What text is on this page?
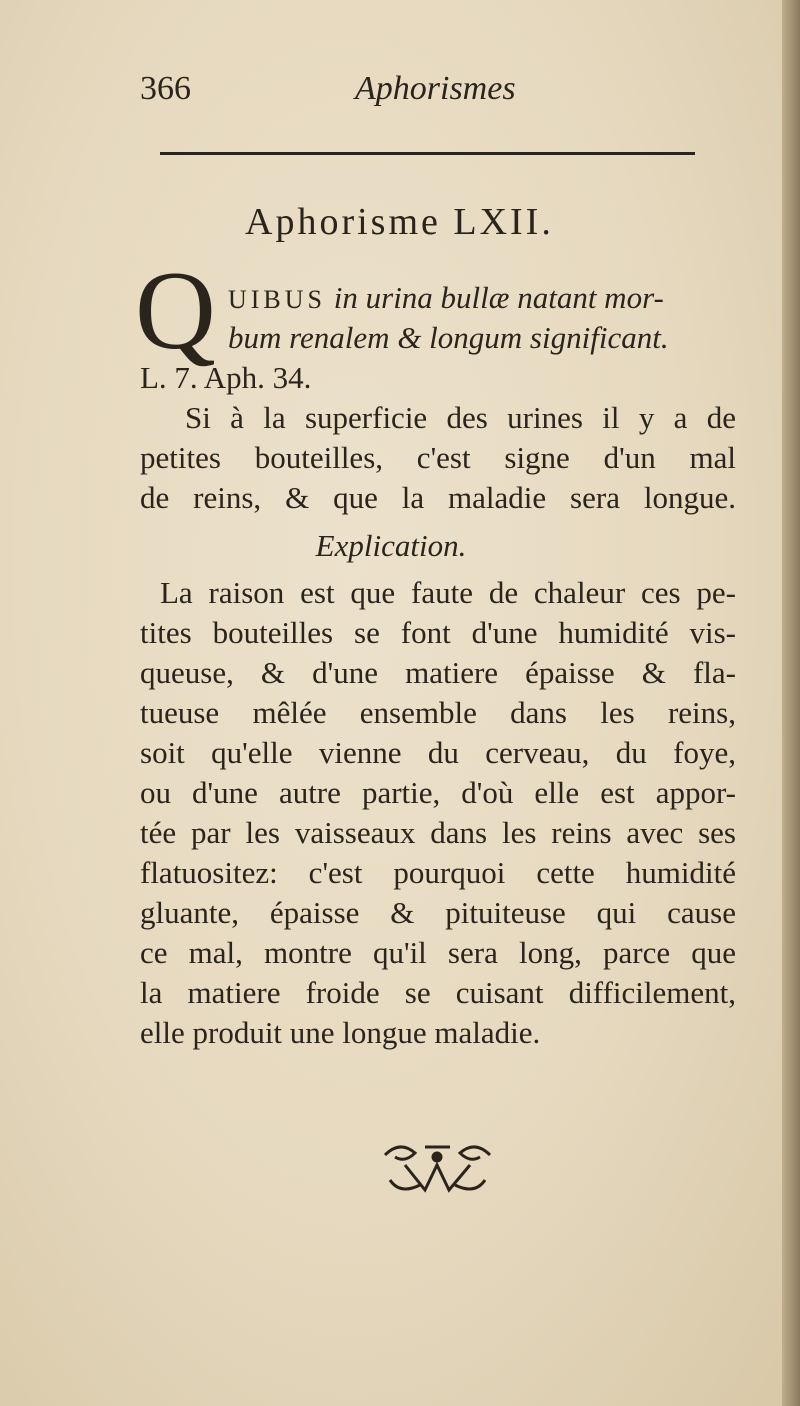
366	Aphorismes
Aphorisme LXII.
Q UIBUS in urina bullæ natant mor-
bum renalem & longum significant.
L. 7. Aph. 34.
Si à la superficie des urines il y a de
petites bouteilles, c'est signe d'un mal
de reins, & que la maladie sera longue.
Explication.
La raison est que faute de chaleur ces pe-
tites bouteilles se font d'une humidité vis-
queuse, & d'une matiere épaisse & fla-
tueuse mêlée ensemble dans les reins,
soit qu'elle vienne du cerveau, du foye,
ou d'une autre partie, d'où elle est appor-
tée par les vaisseaux dans les reins avec ses
flatuositez: c'est pourquoi cette humidité
gluante, épaisse & pituiteuse qui cause
ce mal, montre qu'il sera long, parce que
la matiere froide se cuisant difficilement,
elle produit une longue maladie.
